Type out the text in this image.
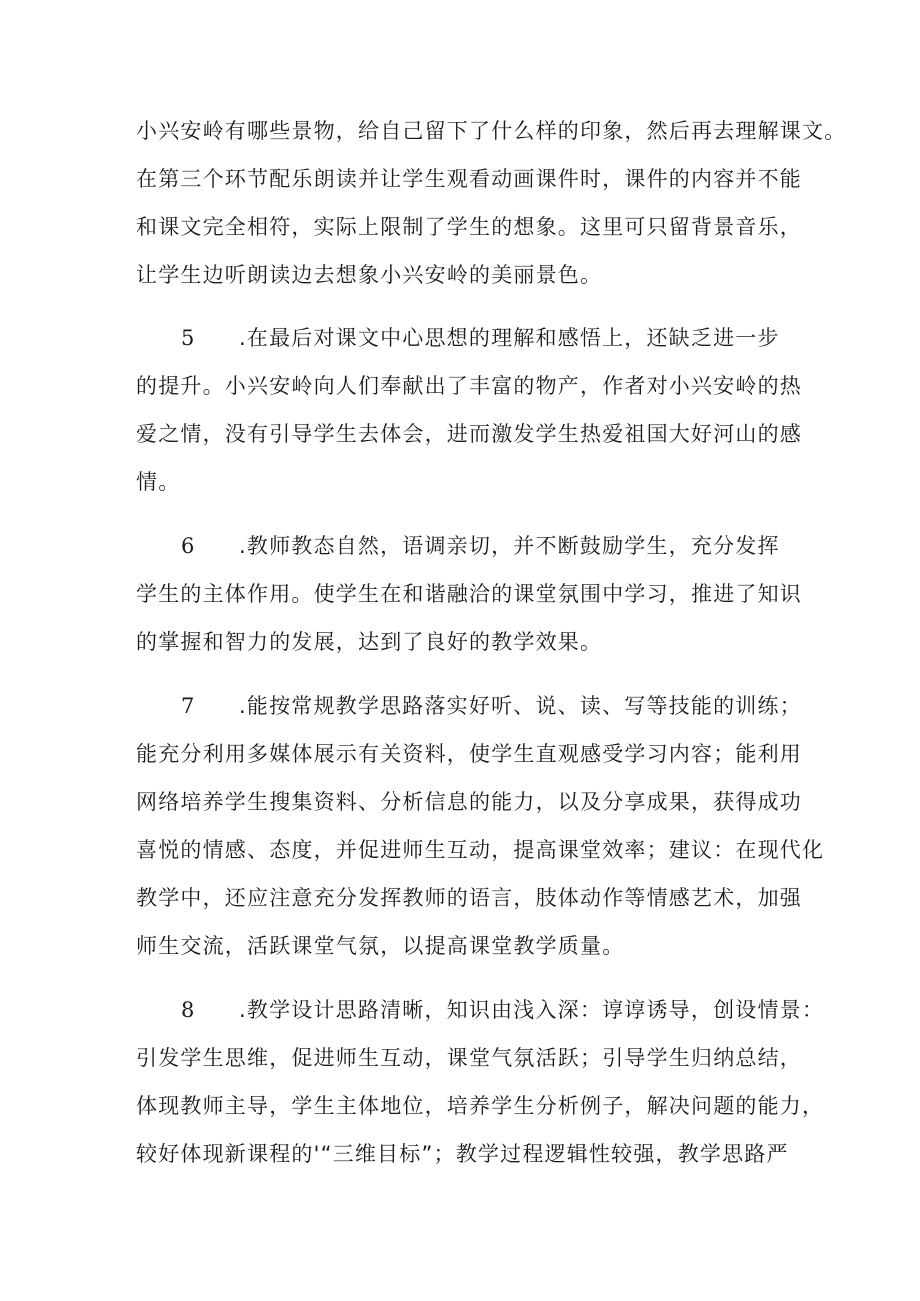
小兴安岭有哪些景物，给自己留下了什么样的印象，然后再去理解课文。
在第三个环节配乐朗读并让学生观看动画课件时，课件的内容并不能
和课文完全相符，实际上限制了学生的想象。这里可只留背景音乐，
让学生边听朗读边去想象小兴安岭的美丽景色。
5 .在最后对课文中心思想的理解和感悟上，还缺乏进一步
的提升。小兴安岭向人们奉献出了丰富的物产，作者对小兴安岭的热
爱之情，没有引导学生去体会，进而激发学生热爱祖国大好河山的感
情。
6 .教师教态自然，语调亲切，并不断鼓励学生，充分发挥
学生的主体作用。使学生在和谐融洽的课堂氛围中学习，推进了知识
的掌握和智力的发展，达到了良好的教学效果。
7 .能按常规教学思路落实好听、说、读、写等技能的训练；
能充分利用多媒体展示有关资料，使学生直观感受学习内容；能利用
网络培养学生搜集资料、分析信息的能力，以及分享成果，获得成功
喜悦的情感、态度，并促进师生互动，提高课堂效率；建议：在现代化
教学中，还应注意充分发挥教师的语言，肢体动作等情感艺术，加强
师生交流，活跃课堂气氛，以提高课堂教学质量。
8 .教学设计思路清晰，知识由浅入深：谆谆诱导，创设情景：
引发学生思维，促进师生互动，课堂气氛活跃；引导学生归纳总结，
体现教师主导，学生主体地位，培养学生分析例子，解决问题的能力，
较好体现新课程的'“三维目标”；教学过程逻辑性较强，教学思路严
